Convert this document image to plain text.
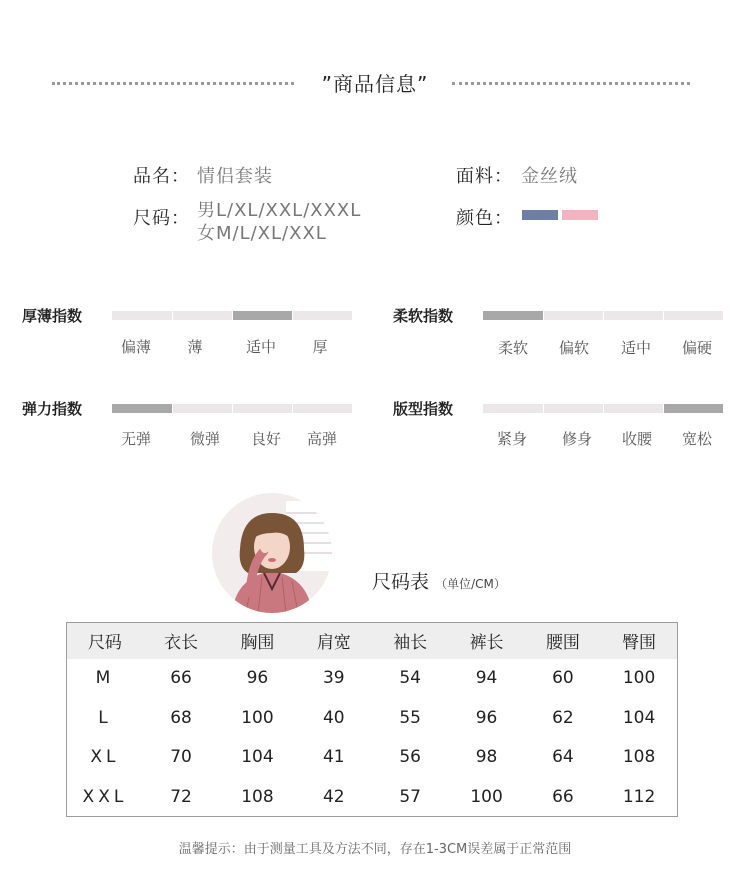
”商品信息”
品名： 情侣套装	面料： 金丝绒
尺码： 男L/XL/XXL/XXXL
女M/L/XL/XXL
颜色：
厚薄指数
偏薄 薄	适中 厚
柔软指数
柔软 偏软 适中 偏硬
弹力指数
无弹	微弹 良好 高弹
版型指数
紧身 修身 收腰 宽松
尺码表 （单位/CM）
尺码	衣长	胸围	肩宽	袖长	裤长	腰围	臀围
M	66	96	39	54	94	60	100
L	68	100	40	55	96	62	104
XL	70	104	41	56	98	64	108
XXL	72	108	42	57	100	66	112
温馨提示：由于测量工具及方法不同，存在1-3CM误差属于正常范围
